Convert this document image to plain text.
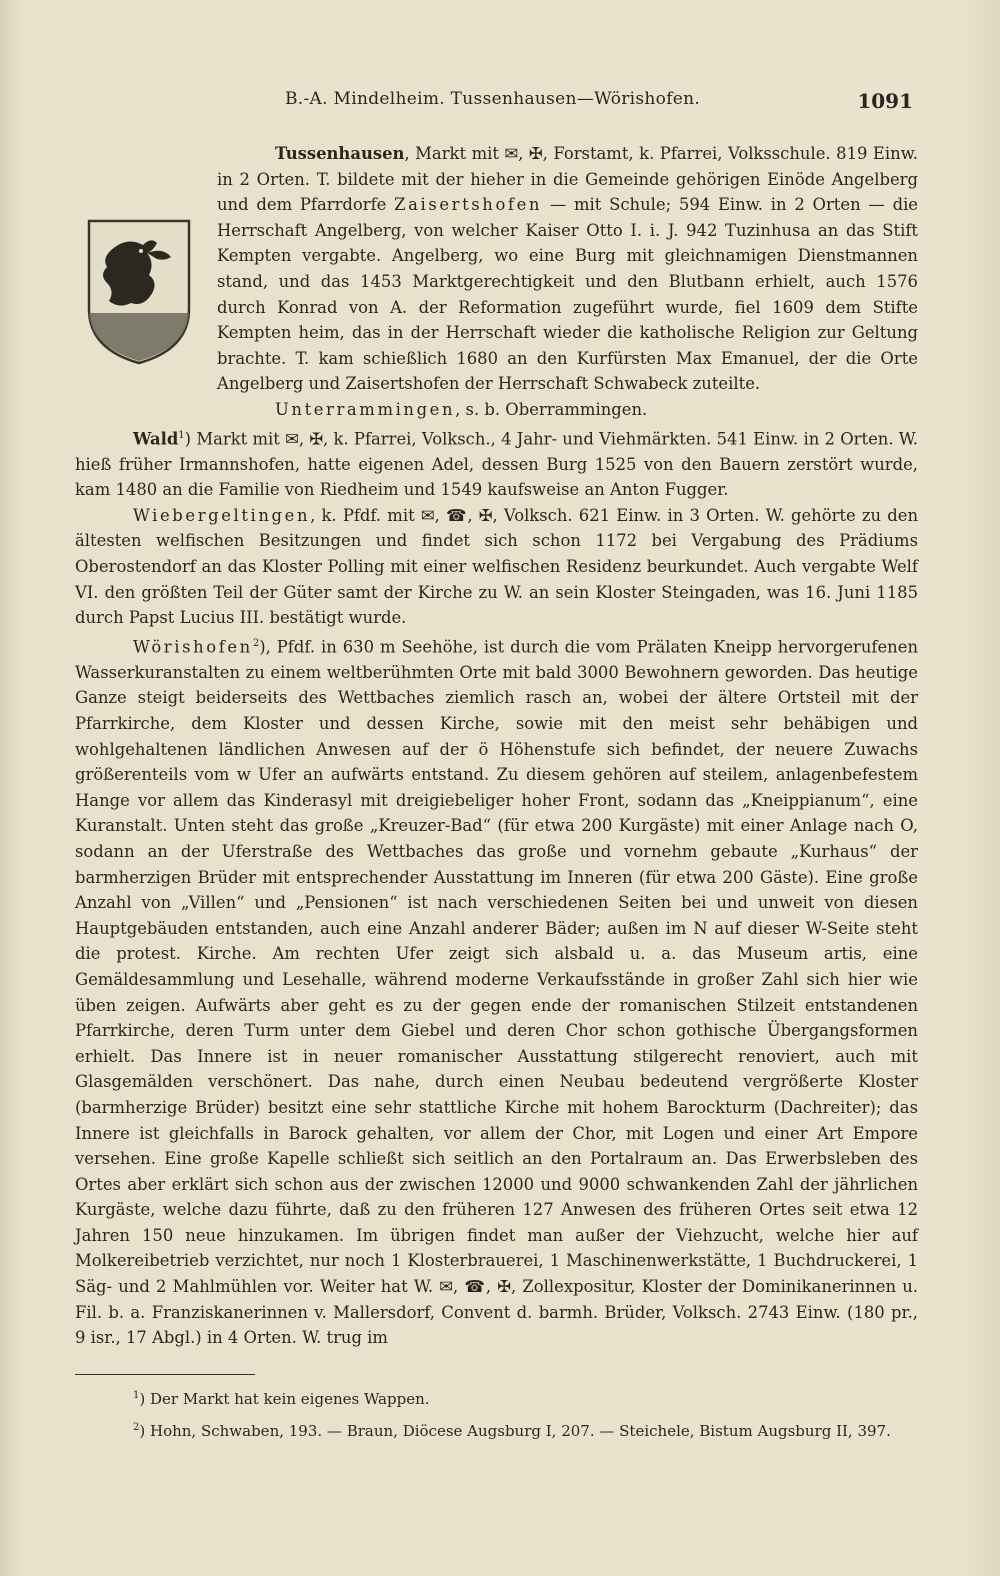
B.-A. Mindelheim. Tussenhausen—Wörishofen.	1091

Tussenhausen, Markt mit ✉, ✠, Forstamt, k. Pfarrei, Volksschule. 819 Einw. in 2 Orten. T. bildete mit der hieher in die Gemeinde gehörigen Einöde Angelberg und dem Pfarrdorfe Zaisertshofen — mit Schule; 594 Einw. in 2 Orten — die Herrschaft Angelberg, von welcher Kaiser Otto I. i. J. 942 Tuzinhusa an das Stift Kempten vergabte. Angelberg, wo eine Burg mit gleichnamigen Dienstmannen stand, und das 1453 Marktgerechtigkeit und den Blutbann erhielt, auch 1576 durch Konrad von A. der Reformation zugeführt wurde, fiel 1609 dem Stifte Kempten heim, das in der Herrschaft wieder die katholische Religion zur Geltung brachte. T. kam schießlich 1680 an den Kurfürsten Max Emanuel, der die Orte Angelberg und Zaisertshofen der Herrschaft Schwabeck zuteilte.

Unterrammingen, s. b. Oberrammingen.

Wald$^1$) Markt mit ✉, ✠, k. Pfarrei, Volksch., 4 Jahr- und Viehmärkten. 541 Einw. in 2 Orten. W. hieß früher Irmannshofen, hatte eigenen Adel, dessen Burg 1525 von den Bauern zerstört wurde, kam 1480 an die Familie von Riedheim und 1549 kaufsweise an Anton Fugger.

Wiebergeltingen, k. Pfdf. mit ✉, ☎, ✠, Volksch. 621 Einw. in 3 Orten. W. gehörte zu den ältesten welfischen Besitzungen und findet sich schon 1172 bei Vergabung des Prädiums Oberostendorf an das Kloster Polling mit einer welfischen Residenz beurkundet. Auch vergabte Welf VI. den größten Teil der Güter samt der Kirche zu W. an sein Kloster Steingaden, was 16. Juni 1185 durch Papst Lucius III. bestätigt wurde.

Wörishofen$^2$), Pfdf. in 630 m Seehöhe, ist durch die vom Prälaten Kneipp hervorgerufenen Wasserkuranstalten zu einem weltberühmten Orte mit bald 3000 Bewohnern geworden. Das heutige Ganze steigt beiderseits des Wettbaches ziemlich rasch an, wobei der ältere Ortsteil mit der Pfarrkirche, dem Kloster und dessen Kirche, sowie mit den meist sehr behäbigen und wohlgehaltenen ländlichen Anwesen auf der ö Höhenstufe sich befindet, der neuere Zuwachs größerenteils vom w Ufer an aufwärts entstand. Zu diesem gehören auf steilem, anlagenbefestem Hange vor allem das Kinderasyl mit dreigiebeliger hoher Front, sodann das „Kneippianum“, eine Kuranstalt. Unten steht das große „Kreuzer-Bad“ (für etwa 200 Kurgäste) mit einer Anlage nach O, sodann an der Uferstraße des Wettbaches das große und vornehm gebaute „Kurhaus“ der barmherzigen Brüder mit entsprechender Ausstattung im Inneren (für etwa 200 Gäste). Eine große Anzahl von „Villen“ und „Pensionen“ ist nach verschiedenen Seiten bei und unweit von diesen Hauptgebäuden entstanden, auch eine Anzahl anderer Bäder; außen im N auf dieser W-Seite steht die protest. Kirche. Am rechten Ufer zeigt sich alsbald u. a. das Museum artis, eine Gemäldesammlung und Lesehalle, während moderne Verkaufsstände in großer Zahl sich hier wie üben zeigen. Aufwärts aber geht es zu der gegen ende der romanischen Stilzeit entstandenen Pfarrkirche, deren Turm unter dem Giebel und deren Chor schon gothische Übergangsformen erhielt. Das Innere ist in neuer romanischer Ausstattung stilgerecht renoviert, auch mit Glasgemälden verschönert. Das nahe, durch einen Neubau bedeutend vergrößerte Kloster (barmherzige Brüder) besitzt eine sehr stattliche Kirche mit hohem Barockturm (Dachreiter); das Innere ist gleichfalls in Barock gehalten, vor allem der Chor, mit Logen und einer Art Empore versehen. Eine große Kapelle schließt sich seitlich an den Portalraum an. Das Erwerbsleben des Ortes aber erklärt sich schon aus der zwischen 12000 und 9000 schwankenden Zahl der jährlichen Kurgäste, welche dazu führte, daß zu den früheren 127 Anwesen des früheren Ortes seit etwa 12 Jahren 150 neue hinzukamen. Im übrigen findet man außer der Viehzucht, welche hier auf Molkereibetrieb verzichtet, nur noch 1 Klosterbrauerei, 1 Maschinenwerkstätte, 1 Buchdruckerei, 1 Säg- und 2 Mahlmühlen vor. Weiter hat W. ✉, ☎, ✠, Zollexpositur, Kloster der Dominikanerinnen u. Fil. b. a. Franziskanerinnen v. Mallersdorf, Convent d. barmh. Brüder, Volksch. 2743 Einw. (180 pr., 9 isr., 17 Abgl.) in 4 Orten. W. trug im

$^1$) Der Markt hat kein eigenes Wappen.

$^2$) Hohn, Schwaben, 193. — Braun, Diöcese Augsburg I, 207. — Steichele, Bistum Augsburg II, 397.
